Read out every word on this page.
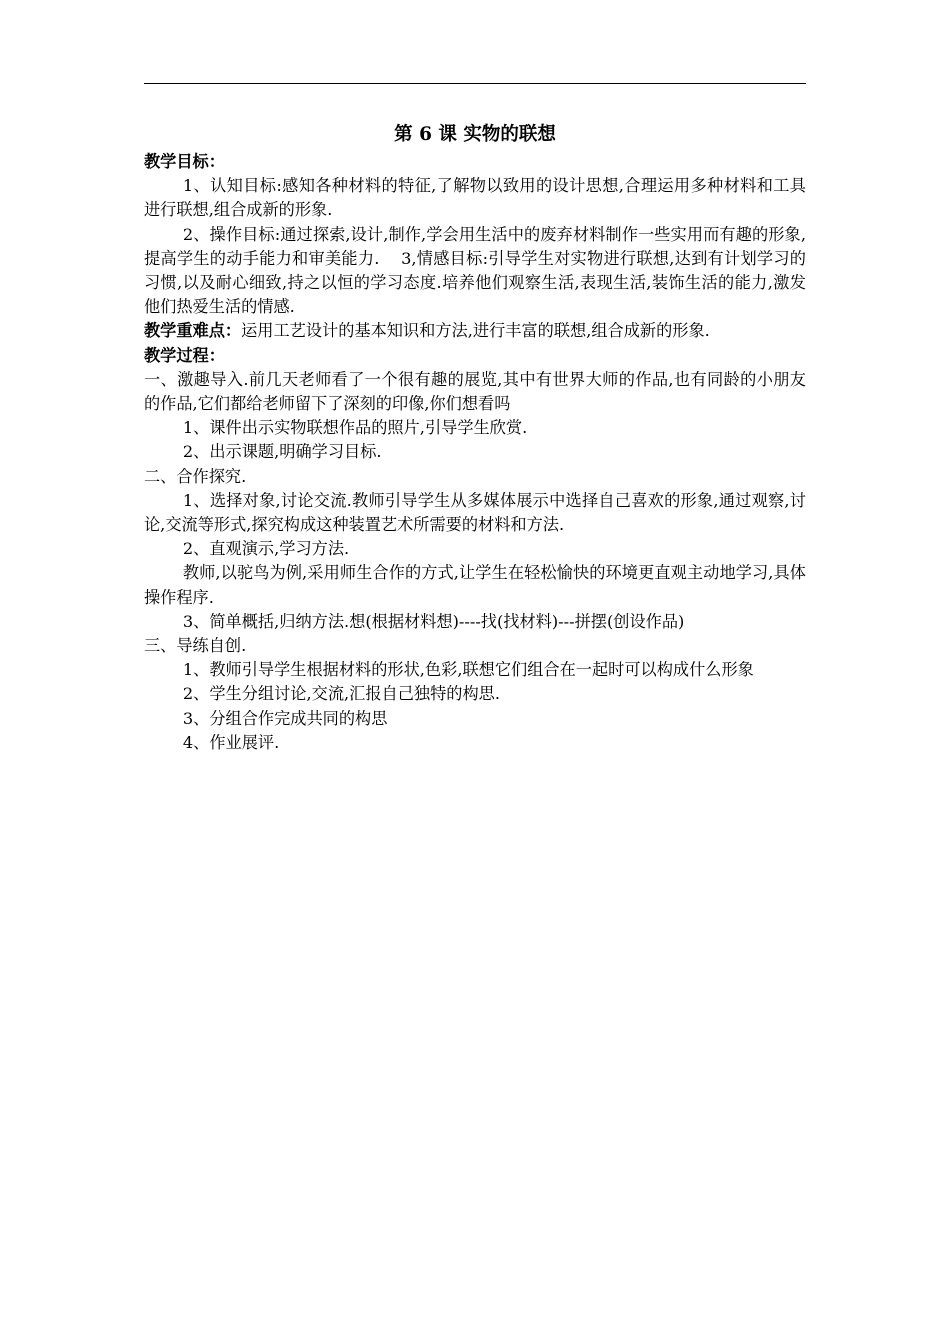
第 6 课 实物的联想

教学目标：

1、认知目标:感知各种材料的特征,了解物以致用的设计思想,合理运用多种材料和工具进行联想,组合成新的形象.

2、操作目标:通过探索,设计,制作,学会用生活中的废弃材料制作一些实用而有趣的形象,提高学生的动手能力和审美能力.    3,情感目标:引导学生对实物进行联想,达到有计划学习的习惯,以及耐心细致,持之以恒的学习态度.培养他们观察生活,表现生活,装饰生活的能力,激发他们热爱生活的情感.

教学重难点：运用工艺设计的基本知识和方法,进行丰富的联想,组合成新的形象.

教学过程：

一、激趣导入.前几天老师看了一个很有趣的展览,其中有世界大师的作品,也有同龄的小朋友的作品,它们都给老师留下了深刻的印像,你们想看吗

1、课件出示实物联想作品的照片,引导学生欣赏.

2、出示课题,明确学习目标.

二、合作探究.

1、选择对象,讨论交流.教师引导学生从多媒体展示中选择自己喜欢的形象,通过观察,讨论,交流等形式,探究构成这种装置艺术所需要的材料和方法.

2、直观演示,学习方法.

教师,以驼鸟为例,采用师生合作的方式,让学生在轻松愉快的环境更直观主动地学习,具体操作程序.

3、简单概括,归纳方法.想(根据材料想)----找(找材料)---拼摆(创设作品)

三、导练自创.

1、教师引导学生根据材料的形状,色彩,联想它们组合在一起时可以构成什么形象

2、学生分组讨论,交流,汇报自己独特的构思.

3、分组合作完成共同的构思

4、作业展评.
